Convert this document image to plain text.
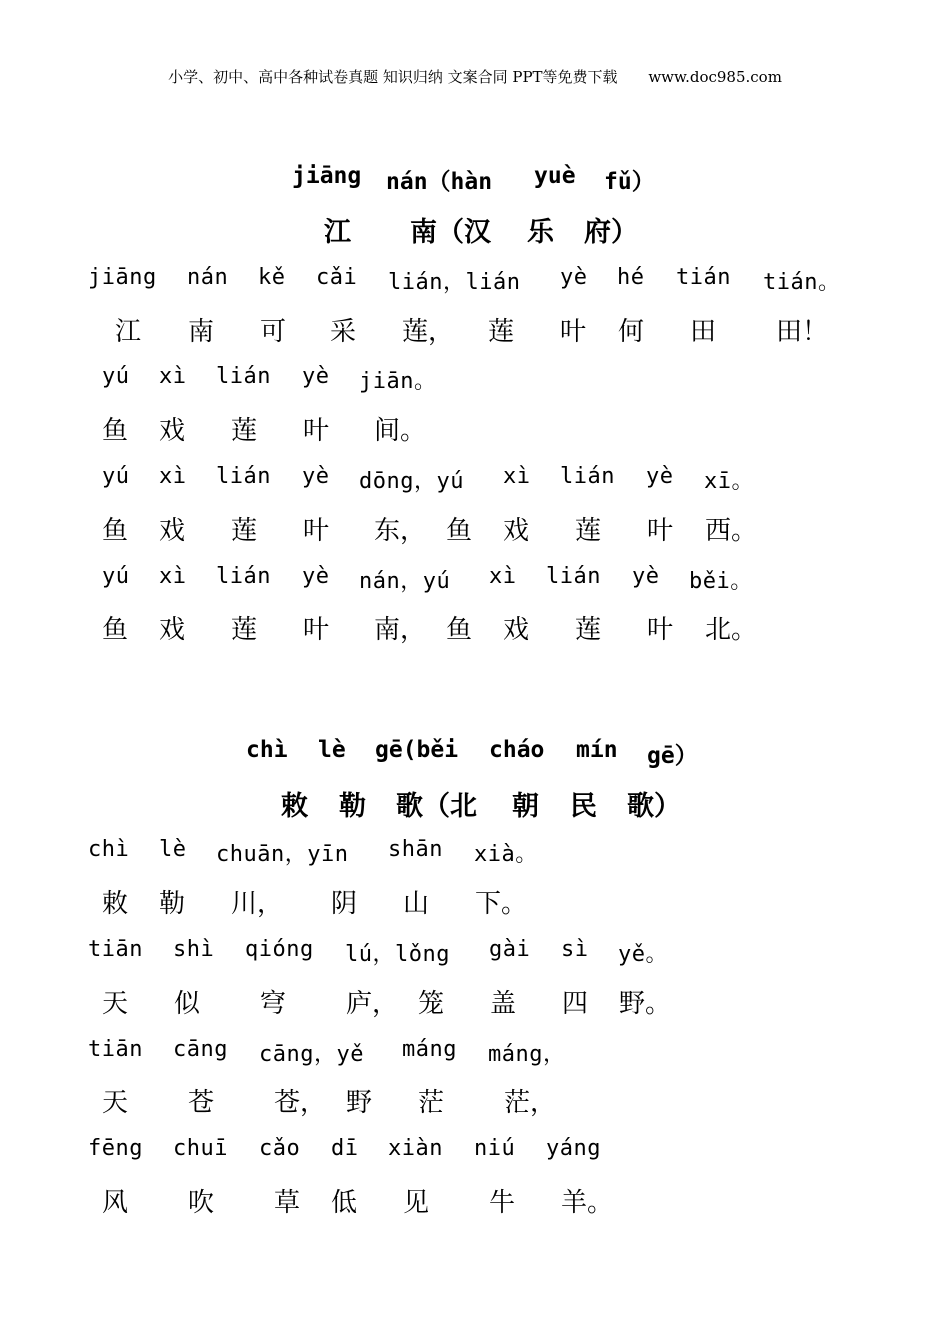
小学、初中、高中各种试卷真题 知识归纳 文案合同 PPT等免费下载 www.doc985.com
jiāng nán（hàn yuè fǔ）
江 南（汉 乐 府）
jiāng nán kě cǎi lián，lián yè hé tián tián。
江 南 可 采 莲， 莲 叶 何 田 田！
yú xì lián yè jiān。
鱼 戏 莲 叶 间。
yú xì lián yè dōng，yú xì lián yè xī。
鱼 戏 莲 叶 东， 鱼 戏 莲 叶 西。
yú xì lián yè nán，yú xì lián yè běi。
鱼 戏 莲 叶 南， 鱼 戏 莲 叶 北。
chì lè gē(běi cháo mín gē）
敕 勒 歌（北 朝 民 歌）
chì lè chuān，yīn shān xià。
敕 勒 川， 阴 山 下。
tiān shì qióng lú，lǒng gài sì yě。
天 似 穹 庐， 笼 盖 四 野。
tiān cāng cāng，yě máng máng，
天 苍 苍， 野 茫 茫，
fēng chuī cǎo dī xiàn niú yáng
风 吹 草 低 见 牛 羊。
